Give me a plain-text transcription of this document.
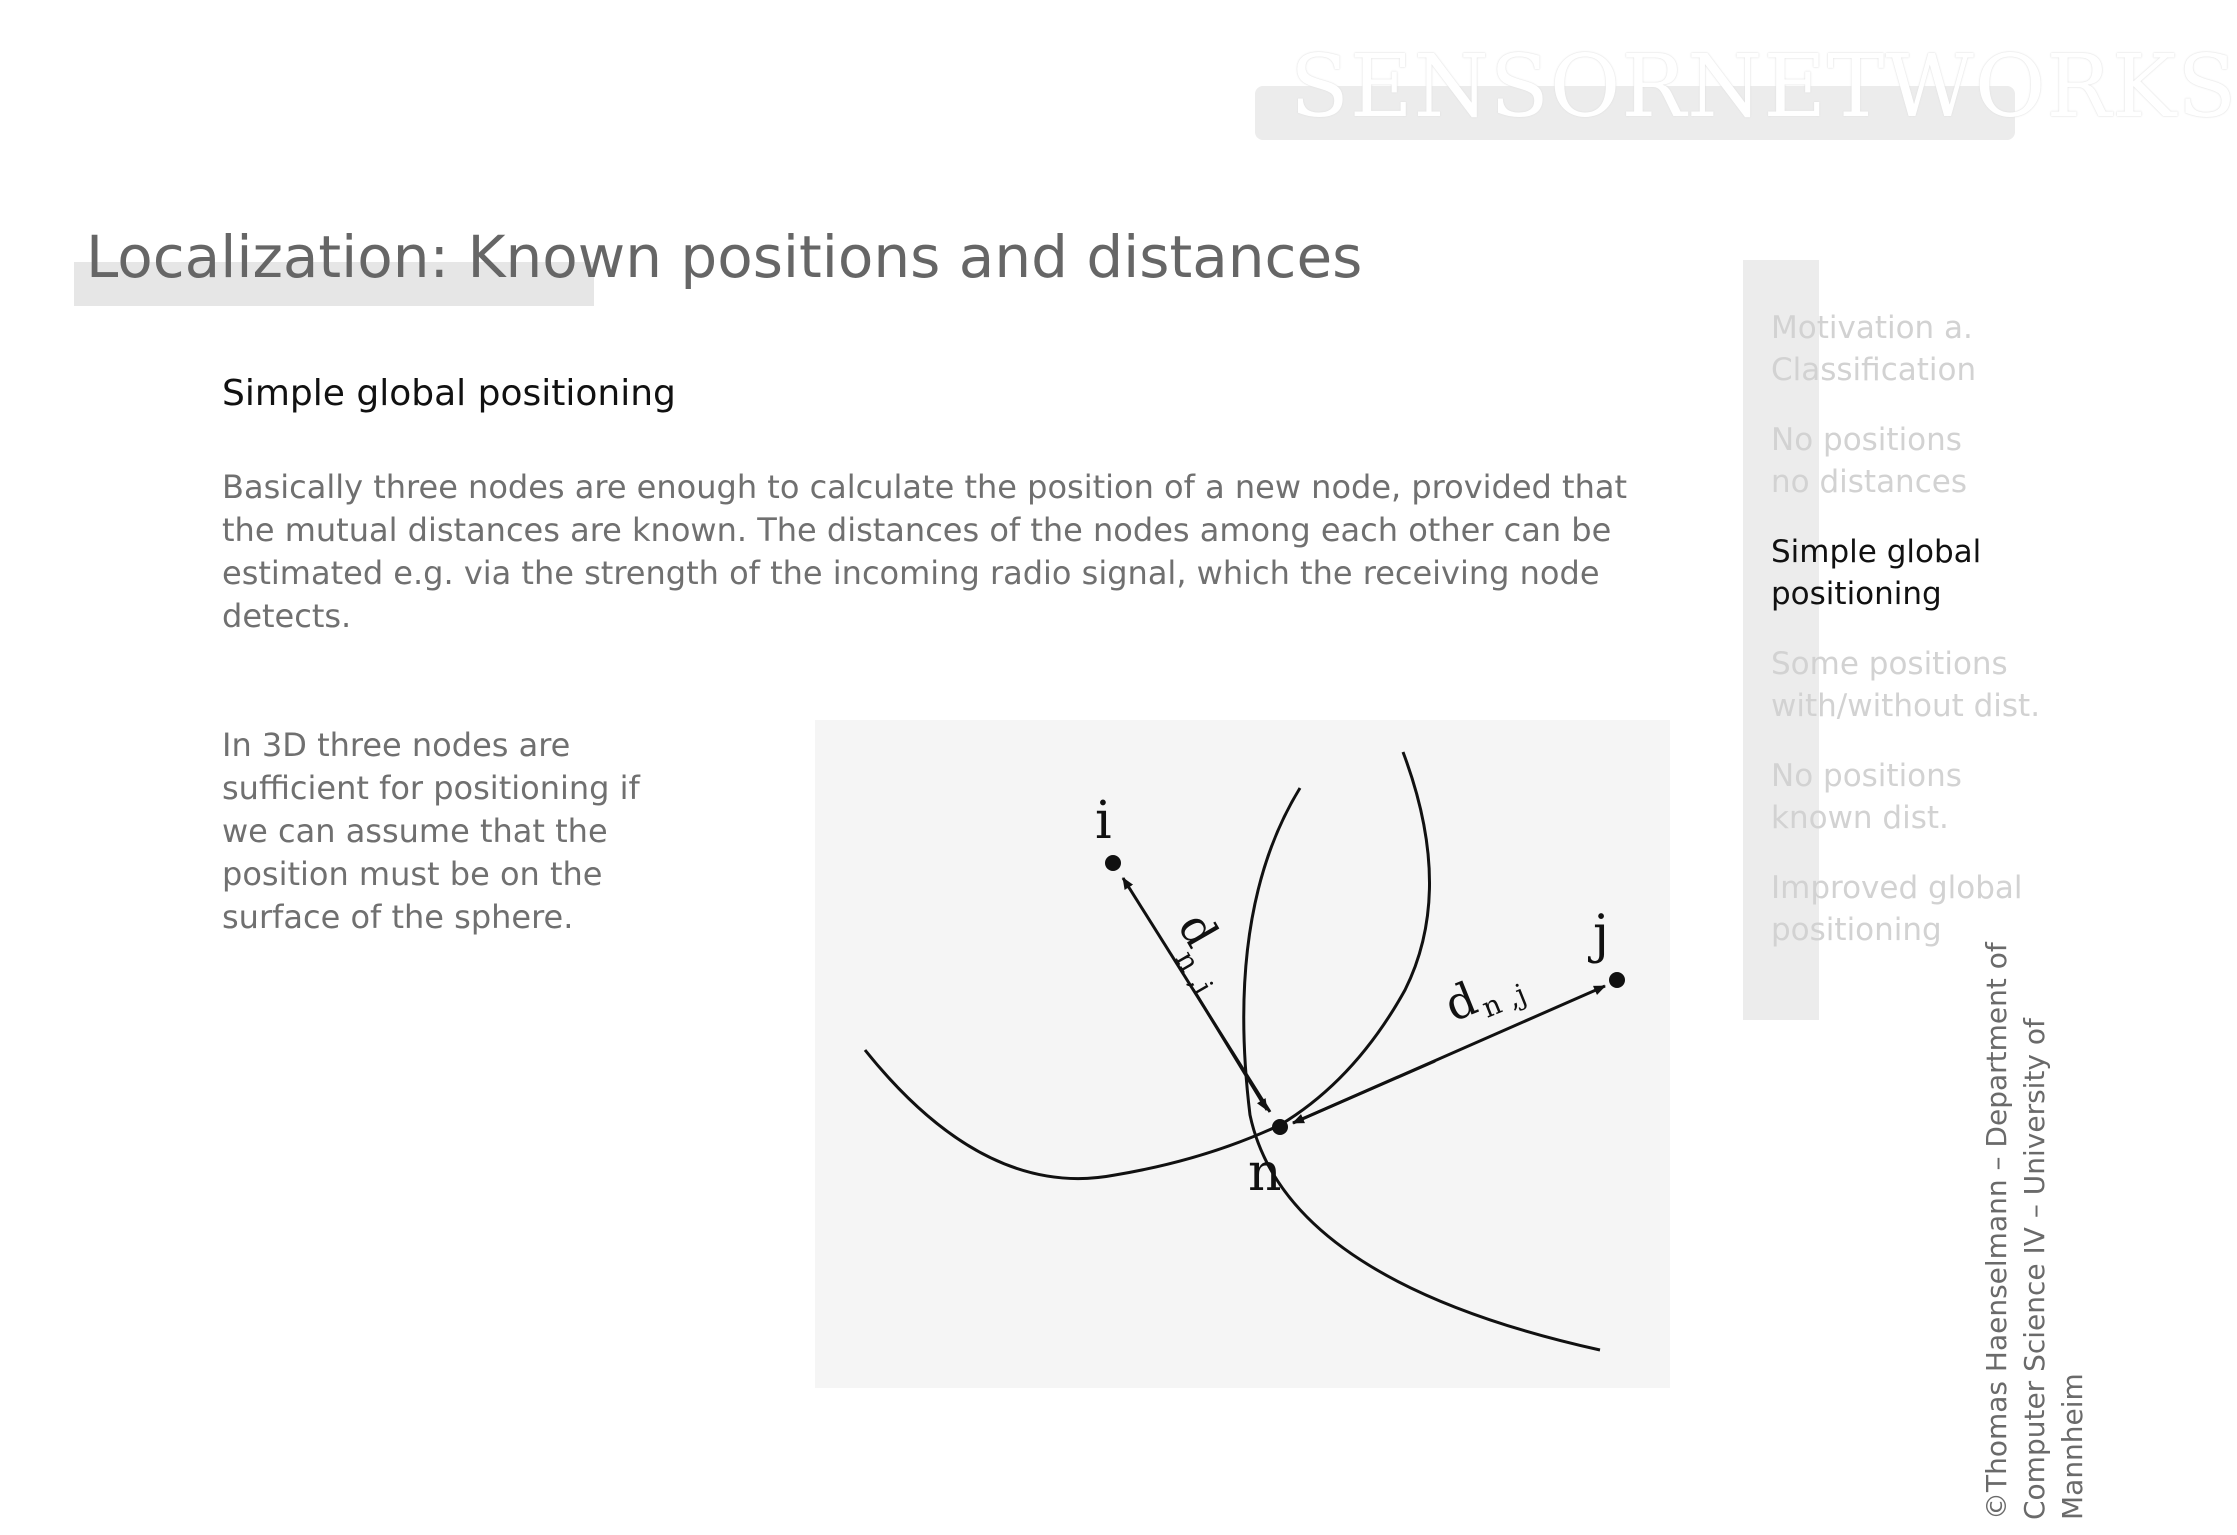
SENSORNETWORKS
Localization: Known positions and distances
Simple global positioning
Basically three nodes are enough to calculate the position of a new node, provided that the mutual distances are known. The distances of the nodes among each other can be estimated e.g. via the strength of the incoming radio signal, which the receiving node detects.
In 3D three nodes are sufficient for positioning if we can assume that the position must be on the surface of the sphere.
i
j
n
d
n ,i	d
n ,j
Motivation a.
Classification
No positions
no distances
Simple global
positioning
Some positions
with/without dist.
No positions
known dist.
Improved global
positioning
©Thomas Haenselmann – Department of
Computer Science IV – University of Mannheim
